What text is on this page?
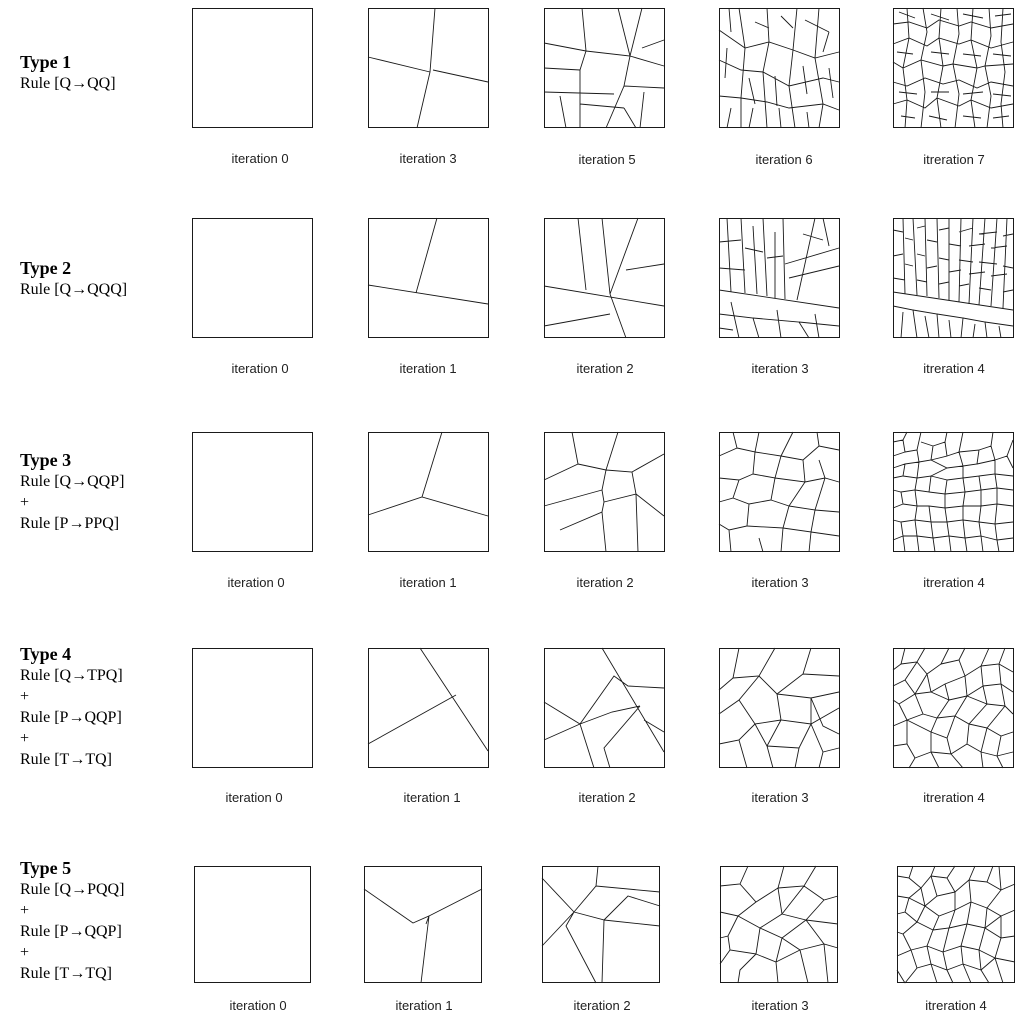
Type 1
Rule [Q→QQ]
iteration 0	iteration 3	iteration 5	iteration 6	itreration 7
Type 2
Rule [Q→QQQ]
iteration 0	iteration 1	iteration 2	iteration 3	itreration 4
Type 3
Rule [Q→QQP]
+
Rule [P→PPQ]
iteration 0	iteration 1	iteration 2	iteration 3	itreration 4
Type 4
Rule [Q→TPQ]
+
Rule [P→QQP]
+
Rule [T→TQ]
iteration 0	iteration 1	iteration 2	iteration 3	itreration 4
Type 5
Rule [Q→PQQ]
+
Rule [P→QQP]
+
Rule [T→TQ]
iteration 0	iteration 1	iteration 2	iteration 3	itreration 4
